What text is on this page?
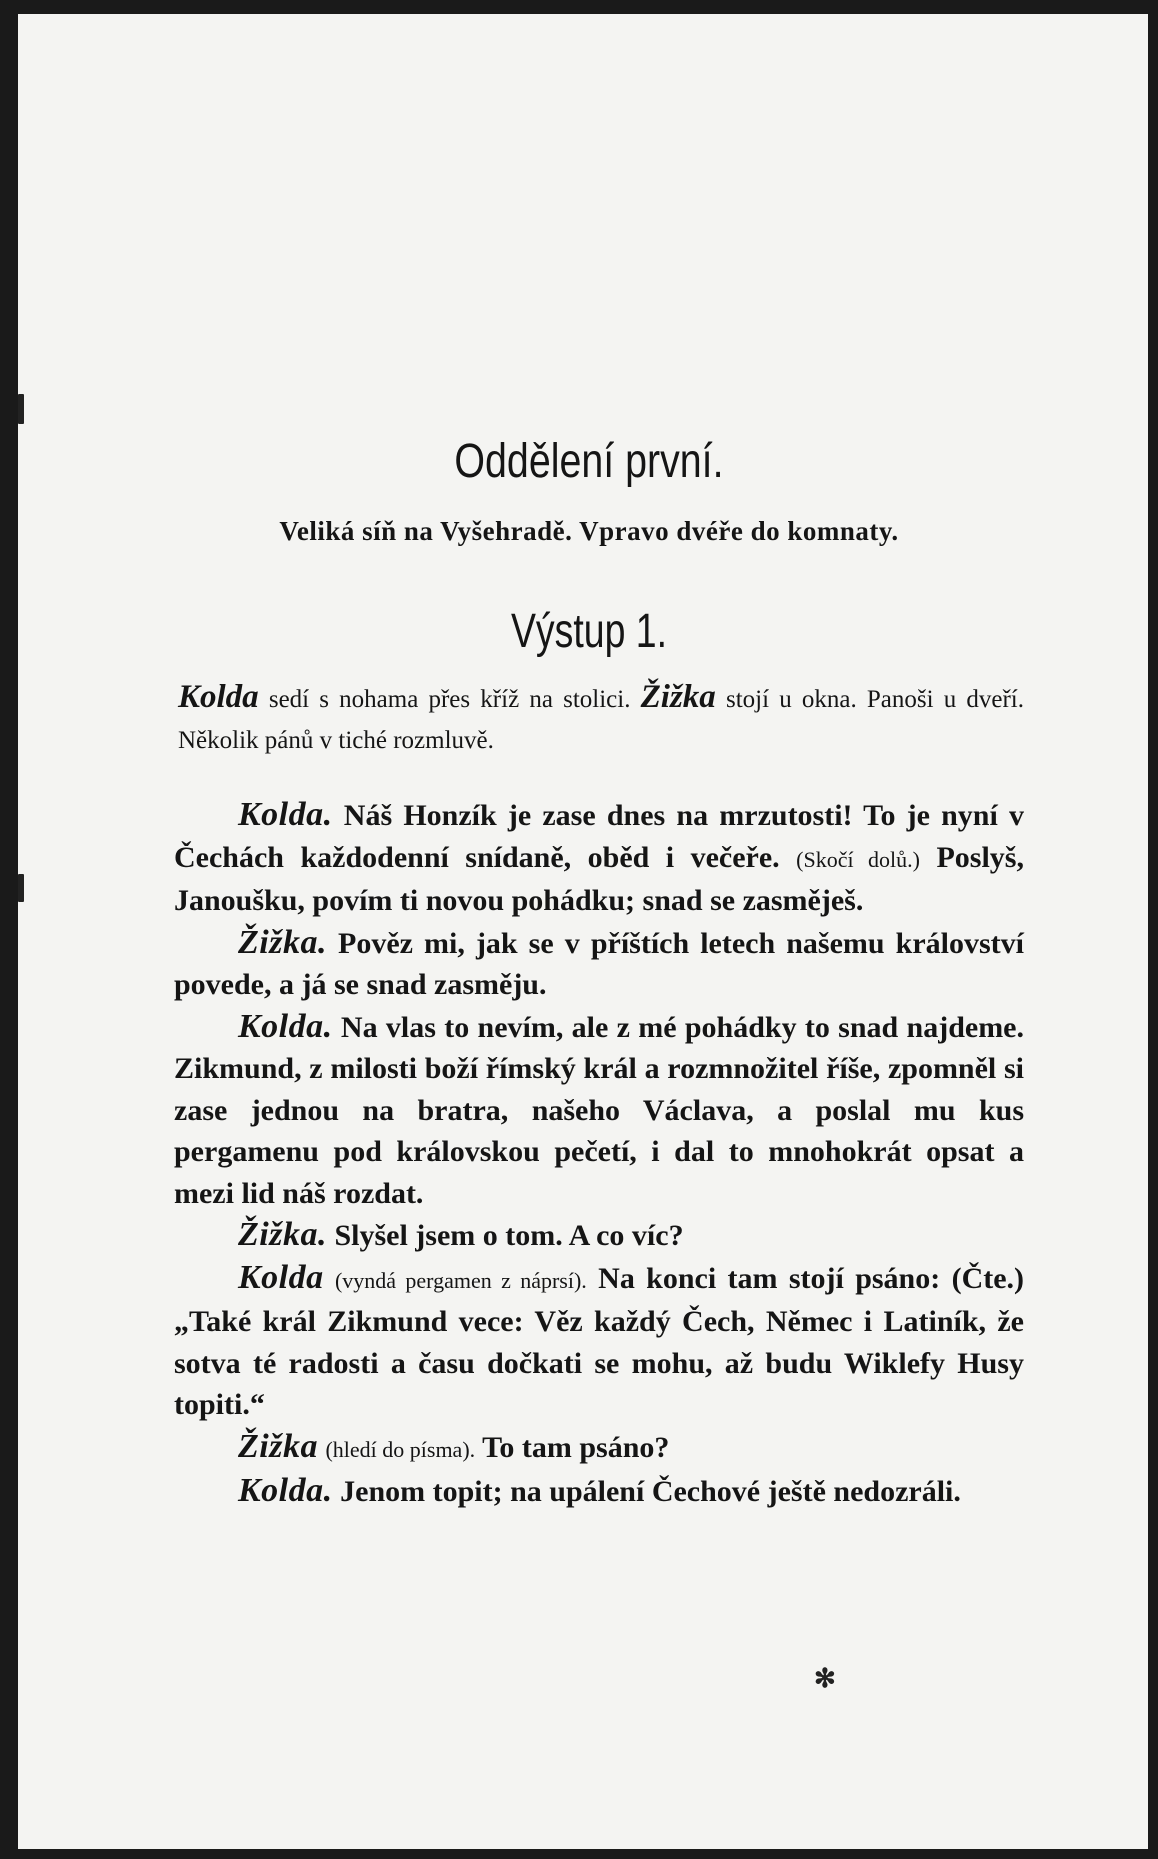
Oddělení první.
Veliká síň na Vyšehradě. Vpravo dvéře do komnaty.
Výstup 1.
Kolda sedí s nohama přes kříž na stolici. Žižka stojí u okna. Panoši u dveří. Několik pánů v tiché rozmluvě.

Kolda. Náš Honzík je zase dnes na mrzutosti! To je nyní v Čechách každodenní snídaně, oběd i večeře. (Skočí dolů.) Poslyš, Janoušku, povím ti novou pohádku; snad se zasměješ.

Žižka. Pověz mi, jak se v příštích letech našemu království povede, a já se snad zasměju.

Kolda. Na vlas to nevím, ale z mé pohádky to snad najdeme. Zikmund, z milosti boží římský král a rozmnožitel říše, zpomněl si zase jednou na bratra, našeho Václava, a poslal mu kus pergamenu pod královskou pečetí, i dal to mnohokrát opsat a mezi lid náš rozdat.

Žižka. Slyšel jsem o tom. A co víc?

Kolda (vyndá pergamen z náprsí). Na konci tam stojí psáno: (Čte.) „Také král Zikmund vece: Věz každý Čech, Němec i Latiník, že sotva té radosti a času dočkati se mohu, až budu Wiklefy Husy topiti.“

Žižka (hledí do písma). To tam psáno?

Kolda. Jenom topit; na upálení Čechové ještě nedozráli.

✻
